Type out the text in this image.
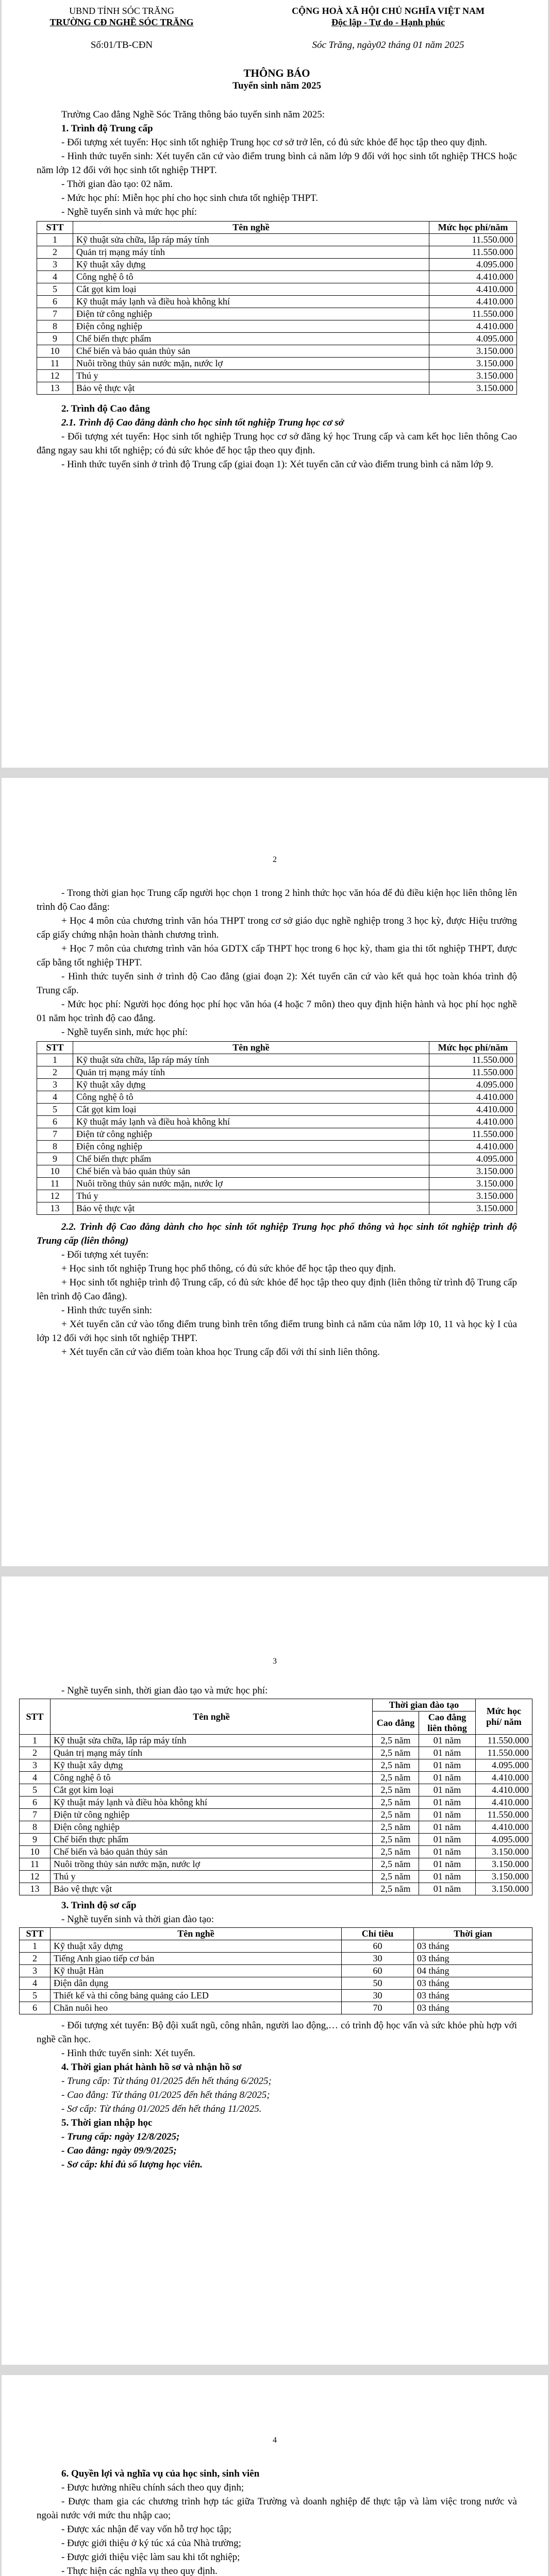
UBND TỈNH SÓC TRĂNG
TRƯỜNG CĐ NGHỀ SÓC TRĂNG
CỘNG HOÀ XÃ HỘI CHỦ NGHĨA VIỆT NAM
Độc lập - Tự do - Hạnh phúc
Số:01/TB-CĐN	Sóc Trăng, ngày02 tháng 01 năm 2025
THÔNG BÁO
Tuyển sinh năm 2025

Trường Cao đẳng Nghề Sóc Trăng thông báo tuyển sinh năm 2025:

1. Trình độ Trung cấp

- Đối tượng xét tuyển: Học sinh tốt nghiệp Trung học cơ sở trở lên, có đủ sức khỏe để học tập theo quy định.

- Hình thức tuyển sinh: Xét tuyển căn cứ vào điểm trung bình cả năm lớp 9 đối với học sinh tốt nghiệp THCS hoặc năm lớp 12 đối với học sinh tốt nghiệp THPT.

- Thời gian đào tạo: 02 năm.

- Mức học phí: Miễn học phí cho học sinh chưa tốt nghiệp THPT.

- Nghề tuyển sinh và mức học phí:

STT	Tên nghề	Mức học phí/năm
1	Kỹ thuật sửa chữa, lắp ráp máy tính	11.550.000
2	Quản trị mạng máy tính	11.550.000
3	Kỹ thuật xây dựng	4.095.000
4	Công nghệ ô tô	4.410.000
5	Cắt gọt kim loại	4.410.000
6	Kỹ thuật máy lạnh và điều hoà không khí	4.410.000
7	Điện tử công nghiệp	11.550.000
8	Điện công nghiệp	4.410.000
9	Chế biến thực phẩm	4.095.000
10	Chế biến và bảo quản thủy sản	3.150.000
11	Nuôi trồng thủy sản nước mặn, nước lợ	3.150.000
12	Thú y	3.150.000
13	Bảo vệ thực vật	3.150.000

2. Trình độ Cao đẳng

2.1. Trình độ Cao đẳng dành cho học sinh tốt nghiệp Trung học cơ sở

- Đối tượng xét tuyển: Học sinh tốt nghiệp Trung học cơ sở đăng ký học Trung cấp và cam kết học liên thông Cao đẳng ngay sau khi tốt nghiệp; có đủ sức khỏe để học tập theo quy định.

- Hình thức tuyển sinh ở trình độ Trung cấp (giai đoạn 1): Xét tuyển căn cứ vào điểm trung bình cả năm lớp 9.

2

- Trong thời gian học Trung cấp người học chọn 1 trong 2 hình thức học văn hóa để đủ điều kiện học liên thông lên trình độ Cao đẳng:

+ Học 4 môn của chương trình văn hóa THPT trong cơ sở giáo dục nghề nghiệp trong 3 học kỳ, được Hiệu trưởng cấp giấy chứng nhận hoàn thành chương trình.

+ Học 7 môn của chương trình văn hóa GDTX cấp THPT học trong 6 học kỳ, tham gia thi tốt nghiệp THPT, được cấp bằng tốt nghiệp THPT.

- Hình thức tuyển sinh ở trình độ Cao đẳng (giai đoạn 2): Xét tuyển căn cứ vào kết quả học toàn khóa trình độ Trung cấp.

- Mức học phí: Người học đóng học phí học văn hóa (4 hoặc 7 môn) theo quy định hiện hành và học phí học nghề 01 năm học trình độ cao đẳng.

- Nghề tuyển sinh, mức học phí:

STT	Tên nghề	Mức học phí/năm
1	Kỹ thuật sửa chữa, lắp ráp máy tính	11.550.000
2	Quản trị mạng máy tính	11.550.000
3	Kỹ thuật xây dựng	4.095.000
4	Công nghệ ô tô	4.410.000
5	Cắt gọt kim loại	4.410.000
6	Kỹ thuật máy lạnh và điều hoà không khí	4.410.000
7	Điện tử công nghiệp	11.550.000
8	Điện công nghiệp	4.410.000
9	Chế biến thực phẩm	4.095.000
10	Chế biến và bảo quản thủy sản	3.150.000
11	Nuôi trồng thủy sản nước mặn, nước lợ	3.150.000
12	Thú y	3.150.000
13	Bảo vệ thực vật	3.150.000

2.2. Trình độ Cao đẳng dành cho học sinh tốt nghiệp Trung học phổ thông và học sinh tốt nghiệp trình độ Trung cấp (liên thông)

- Đối tượng xét tuyển:

+ Học sinh tốt nghiệp Trung học phổ thông, có đủ sức khỏe để học tập theo quy định.

+ Học sinh tốt nghiệp trình độ Trung cấp, có đủ sức khỏe để học tập theo quy định (liên thông từ trình độ Trung cấp lên trình độ Cao đẳng).

- Hình thức tuyển sinh:

+ Xét tuyển căn cứ vào tổng điểm trung bình trên tổng điểm trung bình cả năm của năm lớp 10, 11 và học kỳ I của lớp 12 đối với học sinh tốt nghiệp THPT.

+ Xét tuyển căn cứ vào điểm toàn khoa học Trung cấp đối với thí sinh liên thông.

3

- Nghề tuyển sinh, thời gian đào tạo và mức học phí:

STT	Tên nghề	Thời gian đào tạo		Mức học phí/ năm
		Cao đẳng	Cao đẳng liên thông	
1	Kỹ thuật sửa chữa, lắp ráp máy tính	2,5 năm	01 năm	11.550.000
2	Quản trị mạng máy tính	2,5 năm	01 năm	11.550.000
3	Kỹ thuật xây dựng	2,5 năm	01 năm	4.095.000
4	Công nghệ ô tô	2,5 năm	01 năm	4.410.000
5	Cắt gọt kim loại	2,5 năm	01 năm	4.410.000
6	Kỹ thuật máy lạnh và điều hòa không khí	2,5 năm	01 năm	4.410.000
7	Điện tử công nghiệp	2,5 năm	01 năm	11.550.000
8	Điện công nghiệp	2,5 năm	01 năm	4.410.000
9	Chế biến thực phẩm	2,5 năm	01 năm	4.095.000
10	Chế biến và bảo quản thủy sản	2,5 năm	01 năm	3.150.000
11	Nuôi trồng thủy sản nước mặn, nước lợ	2,5 năm	01 năm	3.150.000
12	Thú y	2,5 năm	01 năm	3.150.000
13	Bảo vệ thực vật	2,5 năm	01 năm	3.150.000

3. Trình độ sơ cấp

- Nghề tuyển sinh và thời gian đào tạo:

STT	Tên nghề	Chỉ tiêu	Thời gian
1	Kỹ thuật xây dựng	60	03 tháng
2	Tiếng Anh giao tiếp cơ bản	30	03 tháng
3	Kỹ thuật Hàn	60	04 tháng
4	Điện dân dụng	50	03 tháng
5	Thiết kế và thi công bảng quảng cáo LED	30	03 tháng
6	Chăn nuôi heo	70	03 tháng

- Đối tượng xét tuyển: Bộ đội xuất ngũ, công nhân, người lao động,… có trình độ học vấn và sức khỏe phù hợp với nghề cần học.

- Hình thức tuyển sinh: Xét tuyển.

4. Thời gian phát hành hồ sơ và nhận hồ sơ

- Trung cấp: Từ tháng 01/2025 đến hết tháng 6/2025;

- Cao đẳng: Từ tháng 01/2025 đến hết tháng 8/2025;

- Sơ cấp: Từ tháng 01/2025 đến hết tháng 11/2025.

5. Thời gian nhập học

- Trung cấp: ngày 12/8/2025;

- Cao đẳng: ngày 09/9/2025;

- Sơ cấp: khi đủ số lượng học viên.

4

6. Quyền lợi và nghĩa vụ của học sinh, sinh viên

- Được hưởng nhiều chính sách theo quy định;

- Được tham gia các chương trình hợp tác giữa Trường và doanh nghiệp để thực tập và làm việc trong nước và ngoài nước với mức thu nhập cao;

- Được xác nhận để vay vốn hỗ trợ học tập;

- Được giới thiệu ở ký túc xá của Nhà trường;

- Được giới thiệu việc làm sau khi tốt nghiệp;

- Thực hiện các nghĩa vụ theo quy định.
